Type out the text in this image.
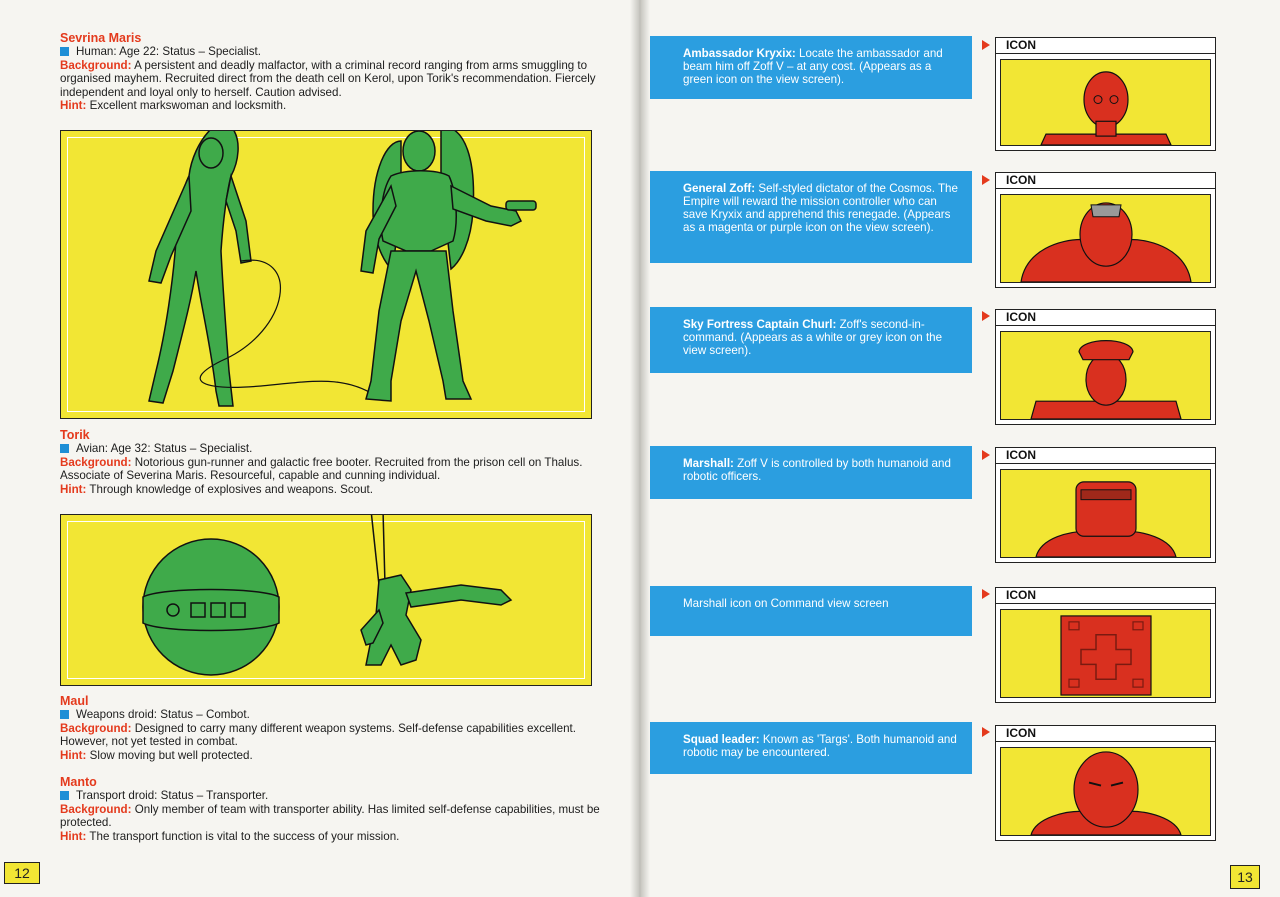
Sevrina Maris
Human: Age 22: Status – Specialist.
Background: A persistent and deadly malfactor, with a criminal record ranging from arms smuggling to organised mayhem. Recruited direct from the death cell on Kerol, upon Torik's recommendation. Fiercely independent and loyal only to herself. Caution advised.
Hint: Excellent markswoman and locksmith.
Torik
Avian: Age 32: Status – Specialist.
Background: Notorious gun-runner and galactic free booter. Recruited from the prison cell on Thalus. Associate of Severina Maris. Resourceful, capable and cunning individual.
Hint: Through knowledge of explosives and weapons. Scout.
Maul
Weapons droid: Status – Combot.
Background: Designed to carry many different weapon systems. Self-defense capabilities excellent. However, not yet tested in combat.
Hint: Slow moving but well protected.
Manto
Transport droid: Status – Transporter.
Background: Only member of team with transporter ability. Has limited self-defense capabilities, must be protected.
Hint: The transport function is vital to the success of your mission.
12
Ambassador Kryxix: Locate the ambassador and beam him off Zoff V – at any cost. (Appears as a green icon on the view screen).
ICON
General Zoff: Self-styled dictator of the Cosmos. The Empire will reward the mission controller who can save Kryxix and apprehend this renegade. (Appears as a magenta or purple icon on the view screen).
ICON
Sky Fortress Captain Churl: Zoff's second-in-command. (Appears as a white or grey icon on the view screen).
ICON
Marshall: Zoff V is controlled by both humanoid and robotic officers.
ICON
Marshall icon on Command view screen
ICON
Squad leader: Known as 'Targs'. Both humanoid and robotic may be encountered.
ICON
13
